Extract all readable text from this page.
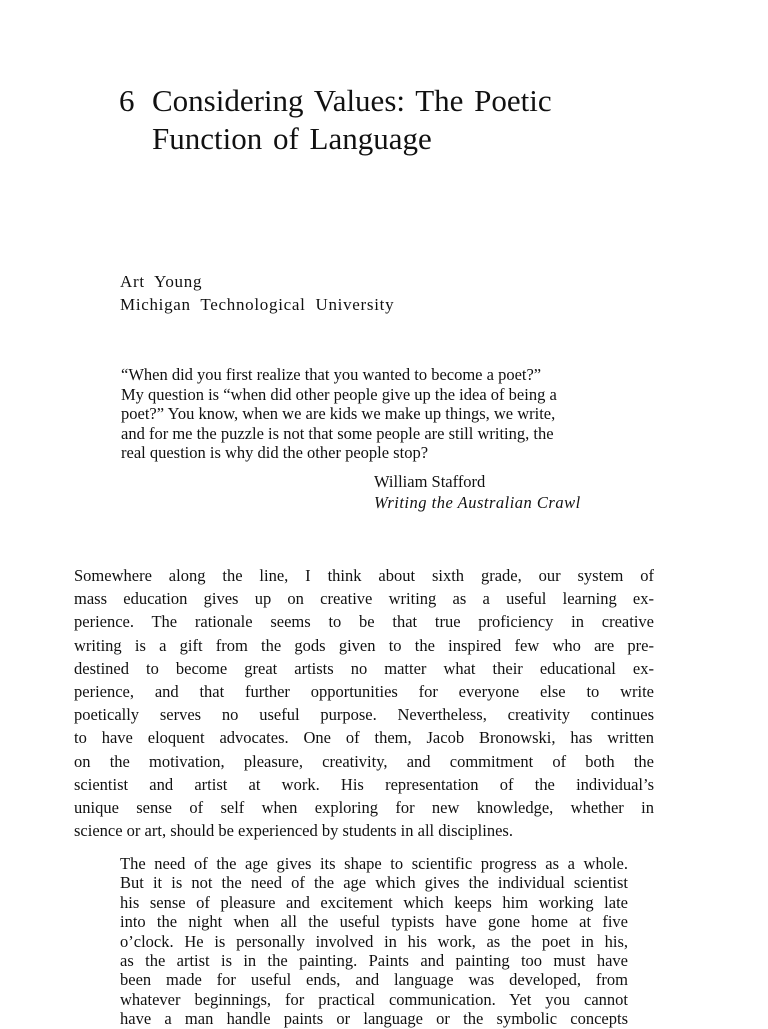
6 Considering Values: The Poetic
Function of Language
Art Young
Michigan Technological University
“When did you first realize that you wanted to become a poet?”
My question is “when did other people give up the idea of being a
poet?” You know, when we are kids we make up things, we write,
and for me the puzzle is not that some people are still writing, the
real question is why did the other people stop?
William Stafford
Writing the Australian Crawl
Somewhere along the line, I think about sixth grade, our system of
mass education gives up on creative writing as a useful learning ex-
perience. The rationale seems to be that true proficiency in creative
writing is a gift from the gods given to the inspired few who are pre-
destined to become great artists no matter what their educational ex-
perience, and that further opportunities for everyone else to write
poetically serves no useful purpose. Nevertheless, creativity continues
to have eloquent advocates. One of them, Jacob Bronowski, has written
on the motivation, pleasure, creativity, and commitment of both the
scientist and artist at work. His representation of the individual’s
unique sense of self when exploring for new knowledge, whether in
science or art, should be experienced by students in all disciplines.
The need of the age gives its shape to scientific progress as a whole.
But it is not the need of the age which gives the individual scientist
his sense of pleasure and excitement which keeps him working late
into the night when all the useful typists have gone home at five
o’clock. He is personally involved in his work, as the poet in his,
as the artist is in the painting. Paints and painting too must have
been made for useful ends, and language was developed, from
whatever beginnings, for practical communication. Yet you cannot
have a man handle paints or language or the symbolic concepts
